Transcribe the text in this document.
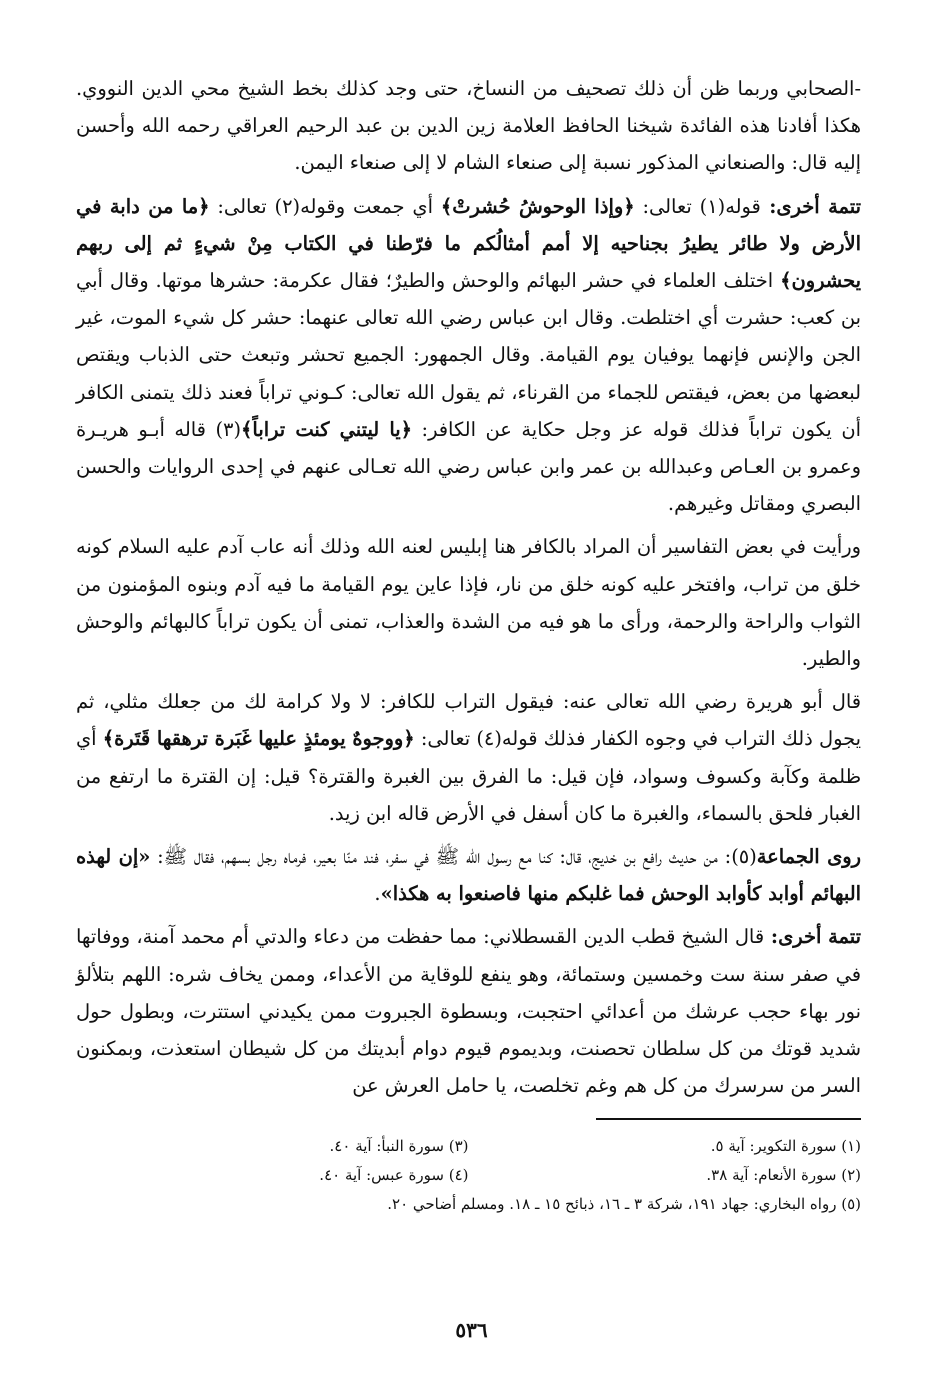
-الصحابي وربما ظن أن ذلك تصحيف من النساخ، حتى وجد كذلك بخط الشيخ محي الدين النووي. هكذا أفادنا هذه الفائدة شيخنا الحافظ العلامة زين الدين بن عبد الرحيم العراقي رحمه الله وأحسن إليه قال: والصنعاني المذكور نسبة إلى صنعاء الشام لا إلى صنعاء اليمن.

تتمة أخرى: قوله(١) تعالى: ﴿وإذا الوحوشُ حُشرتْ﴾ أي جمعت وقوله(٢) تعالى: ﴿ما من دابة في الأرض ولا طائر يطيرُ بجناحيه إلا أمم أمثالُكم ما فرّطنا في الكتاب مِنْ شيءٍ ثم إلى ربهم يحشرون﴾ اختلف العلماء في حشر البهائم والوحش والطيرٌ؛ فقال عكرمة: حشرها موتها. وقال أبي بن كعب: حشرت أي اختلطت. وقال ابن عباس رضي الله تعالى عنهما: حشر كل شيء الموت، غير الجن والإنس فإنهما يوفيان يوم القيامة. وقال الجمهور: الجميع تحشر وتبعث حتى الذباب ويقتص لبعضها من بعض، فيقتص للجماء من القرناء، ثم يقول الله تعالى: كـوني تراباً فعند ذلك يتمنى الكافر أن يكون تراباً فذلك قوله عز وجل حكاية عن الكافر: ﴿يا ليتني كنت تراباً﴾(٣) قاله أبـو هريـرة وعمرو بن العـاص وعبدالله بن عمر وابن عباس رضي الله تعـالى عنهم في إحدى الروايات والحسن البصري ومقاتل وغيرهم.

ورأيت في بعض التفاسير أن المراد بالكافر هنا إبليس لعنه الله وذلك أنه عاب آدم عليه السلام كونه خلق من تراب، وافتخر عليه كونه خلق من نار، فإذا عاين يوم القيامة ما فيه آدم وبنوه المؤمنون من الثواب والراحة والرحمة، ورأى ما هو فيه من الشدة والعذاب، تمنى أن يكون تراباً كالبهائم والوحش والطير.

قال أبو هريرة رضي الله تعالى عنه: فيقول التراب للكافر: لا ولا كرامة لك من جعلك مثلي، ثم يجول ذلك التراب في وجوه الكفار فذلك قوله(٤) تعالى: ﴿ووجوهٌ يومئذٍ عليها غَبَرة ترهقها قَتَرة﴾ أي ظلمة وكآبة وكسوف وسواد، فإن قيل: ما الفرق بين الغبرة والقترة؟ قيل: إن القترة ما ارتفع من الغبار فلحق بالسماء، والغبرة ما كان أسفل في الأرض قاله ابن زيد.

روى الجماعة(٥): من حديث رافع بن خديج، قال: كنا مع رسول الله ﷺ في سفر، فند منّا بعير، فرماه رجل بسهم، فقال ﷺ: «إن لهذه البهائم أوابد كأوابد الوحش فما غلبكم منها فاصنعوا به هكذا».

تتمة أخرى: قال الشيخ قطب الدين القسطلاني: مما حفظت من دعاء والدتي أم محمد آمنة، ووفاتها في صفر سنة ست وخمسين وستمائة، وهو ينفع للوقاية من الأعداء، وممن يخاف شره: اللهم بتلألؤ نور بهاء حجب عرشك من أعدائي احتجبت، وبسطوة الجبروت ممن يكيدني استترت، وبطول حول شديد قوتك من كل سلطان تحصنت، وبديموم قيوم دوام أبديتك من كل شيطان استعذت، وبمكنون السر من سرسرك من كل هم وغم تخلصت، يا حامل العرش عن

(١) سورة التكوير: آية ٥.
(٣) سورة النبأ: آية ٤٠.
(٢) سورة الأنعام: آية ٣٨.
(٤) سورة عبس: آية ٤٠.
(٥) رواه البخاري: جهاد ١٩١، شركة ٣ ـ ١٦، ذبائح ١٥ ـ ١٨. ومسلم أضاحي ٢٠.
٥٣٦
